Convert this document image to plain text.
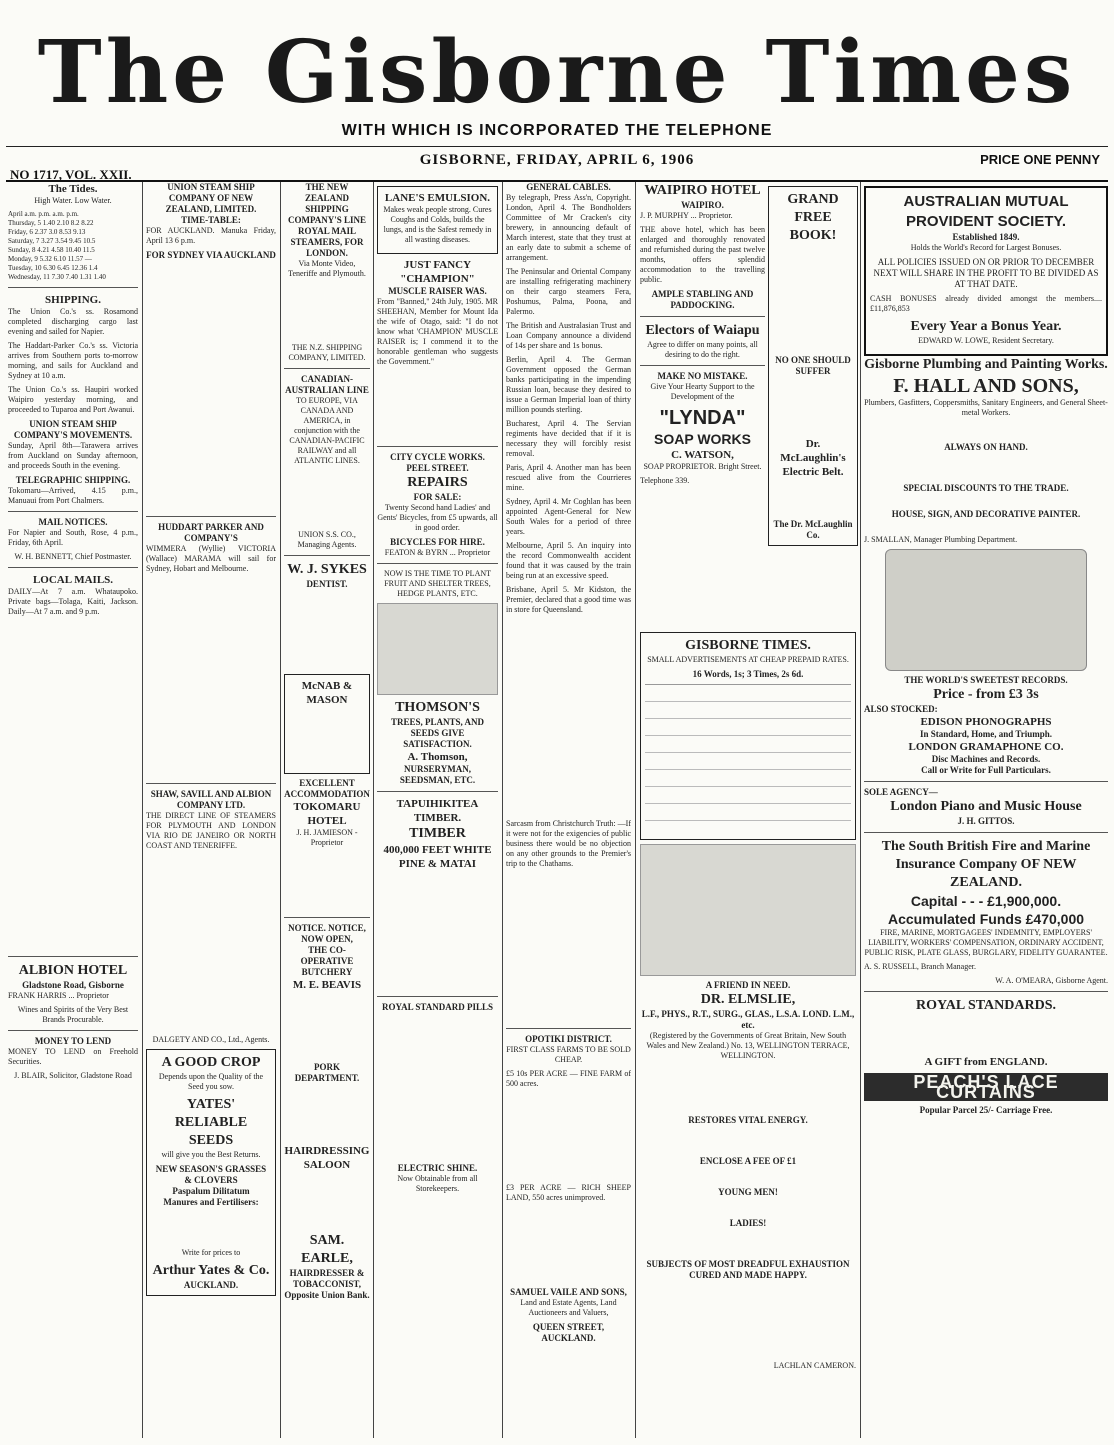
The Gisborne Times
WITH WHICH IS INCORPORATED THE TELEPHONE
GISBORNE, FRIDAY, APRIL 6, 1906	PRICE ONE PENNY
NO 1717, VOL. XXII.
The Tides.
High Water. Low Water.
April a.m. p.m. a.m. p.m.
Thursday, 5 1.40 2.10 8.2 8.22
Friday, 6 2.37 3.0 8.53 9.13
Saturday, 7 3.27 3.54 9.45 10.5
Sunday, 8 4.21 4.58 10.40 11.5
Monday, 9 5.32 6.10 11.57 —
Tuesday, 10 6.30 6.45 12.36 1.4
Wednesday, 11 7.30 7.40 1.31 1.40
SHIPPING.

The Union Co.'s ss. Rosamond completed discharging cargo last evening and sailed for Napier.

The Haddart-Parker Co.'s ss. Victoria arrives from Southern ports to-morrow morning, and sails for Auckland and Sydney at 10 a.m.

The Union Co.'s ss. Haupiri worked Waipiro yesterday morning, and proceeded to Tuparoa and Port Awanui.

UNION STEAM SHIP COMPANY'S MOVEMENTS.

Sunday, April 8th—Tarawera arrives from Auckland on Sunday afternoon, and proceeds South in the evening.

TELEGRAPHIC SHIPPING.

Tokomaru—Arrived, 4.15 p.m., Manuaui from Port Chalmers.

MAIL NOTICES.

For Napier and South, Rose, 4 p.m., Friday, 6th April.

W. H. BENNETT, Chief Postmaster.

LOCAL MAILS.

DAILY—At 7 a.m. Whataupoko. Private bags—Tolaga, Kaiti, Jackson. Daily—At 7 a.m. and 9 p.m.

ALBION HOTEL
Gladstone Road, Gisborne

FRANK HARRIS ... Proprietor

Wines and Spirits of the Very Best Brands Procurable.

MONEY TO LEND

MONEY TO LEND on Freehold Securities.

J. BLAIR, Solicitor, Gladstone Road

UNION STEAM SHIP COMPANY OF NEW ZEALAND, LIMITED.
TIME-TABLE:

FOR AUCKLAND. Manuka Friday, April 13 6 p.m.

FOR SYDNEY VIA AUCKLAND
HUDDART PARKER AND COMPANY'S

WIMMERA (Wyllie) VICTORIA (Wallace) MARAMA will sail for Sydney, Hobart and Melbourne.

SHAW, SAVILL AND ALBION COMPANY LTD.

THE DIRECT LINE OF STEAMERS FOR PLYMOUTH AND LONDON VIA RIO DE JANEIRO OR NORTH COAST AND TENERIFFE.

DALGETY AND CO., Ltd., Agents.

A GOOD CROP

Depends upon the Quality of the Seed you sow.

YATES' RELIABLE SEEDS

will give you the Best Returns.

NEW SEASON'S GRASSES & CLOVERS
Paspalum Dilitatum
Manures and Fertilisers:

Write for prices to

Arthur Yates & Co.
AUCKLAND.
THE NEW ZEALAND SHIPPING COMPANY'S LINE
ROYAL MAIL STEAMERS, FOR LONDON.

Via Monte Video, Teneriffe and Plymouth.

THE N.Z. SHIPPING COMPANY, LIMITED.

CANADIAN-AUSTRALIAN LINE

TO EUROPE, VIA CANADA AND AMERICA, in conjunction with the CANADIAN-PACIFIC RAILWAY and all ATLANTIC LINES.

UNION S.S. CO., Managing Agents.

W. J. SYKES
DENTIST.
McNAB & MASON
EXCELLENT ACCOMMODATION
TOKOMARU HOTEL

J. H. JAMIESON - Proprietor

NOTICE. NOTICE,
NOW OPEN,
THE CO-OPERATIVE BUTCHERY
M. E. BEAVIS
PORK DEPARTMENT.
HAIRDRESSING SALOON
SAM. EARLE,
HAIRDRESSER & TOBACCONIST, Opposite Union Bank.
LANE'S EMULSION.

Makes weak people strong. Cures Coughs and Colds, builds the lungs, and is the Safest remedy in all wasting diseases.

JUST FANCY
"CHAMPION"
MUSCLE RAISER WAS.

From "Banned," 24th July, 1905. MR SHEEHAN, Member for Mount Ida the wife of Otago, said: "I do not know what 'CHAMPION' MUSCLE RAISER is; I commend it to the honorable gentleman who suggests the Government."

CITY CYCLE WORKS.
PEEL STREET.
REPAIRS
FOR SALE:

Twenty Second hand Ladies' and Gents' Bicycles, from £5 upwards, all in good order.

BICYCLES FOR HIRE.

FEATON & BYRN ... Proprietor

NOW IS THE TIME TO PLANT FRUIT AND SHELTER TREES, HEDGE PLANTS, ETC.

THOMSON'S
TREES, PLANTS, AND SEEDS GIVE SATISFACTION.
A. Thomson,
NURSERYMAN, SEEDSMAN, ETC.
TAPUIHIKITEA TIMBER.
TIMBER
400,000 FEET WHITE PINE & MATAI
ROYAL STANDARD PILLS
ELECTRIC SHINE.

Now Obtainable from all Storekeepers.

GENERAL CABLES.

By telegraph, Press Ass'n, Copyright. London, April 4. The Bondholders Committee of Mr Cracken's city brewery, in announcing default of March interest, state that they trust at an early date to submit a scheme of arrangement.

The Peninsular and Oriental Company are installing refrigerating machinery on their cargo steamers Fera, Poshumus, Palma, Poona, and Palermo.

The British and Australasian Trust and Loan Company announce a dividend of 14s per share and 1s bonus.

Berlin, April 4. The German Government opposed the German banks participating in the impending Russian loan, because they desired to issue a German Imperial loan of thirty million pounds sterling.

Bucharest, April 4. The Servian regiments have decided that if it is necessary they will forcibly resist removal.

Paris, April 4. Another man has been rescued alive from the Courrieres mine.

Sydney, April 4. Mr Coghlan has been appointed Agent-General for New South Wales for a period of three years.

Melbourne, April 5. An inquiry into the record Commonwealth accident found that it was caused by the train being run at an excessive speed.

Brisbane, April 5. Mr Kidston, the Premier, declared that a good time was in store for Queensland.

Sarcasm from Christchurch Truth: —If it were not for the exigencies of public business there would be no objection on any other grounds to the Premier's trip to the Chathams.

OPOTIKI DISTRICT.

FIRST CLASS FARMS TO BE SOLD CHEAP.

£5 10s PER ACRE — FINE FARM of 500 acres.

£3 PER ACRE — RICH SHEEP LAND, 550 acres unimproved.

SAMUEL VAILE AND SONS,

Land and Estate Agents, Land Auctioneers and Valuers,

QUEEN STREET, AUCKLAND.
WAIPIRO HOTEL
WAIPIRO.

J. P. MURPHY ... Proprietor.

THE above hotel, which has been enlarged and thoroughly renovated and refurnished during the past twelve months, offers splendid accommodation to the travelling public.

AMPLE STABLING AND PADDOCKING.
Electors of Waiapu

Agree to differ on many points, all desiring to do the right.

MAKE NO MISTAKE.

Give Your Hearty Support to the Development of the

"LYNDA"
SOAP WORKS
C. WATSON,

SOAP PROPRIETOR. Bright Street.

Telephone 339.

GRAND FREE BOOK!
NO ONE SHOULD SUFFER
Dr. McLaughlin's Electric Belt.
The Dr. McLaughlin Co.
GISBORNE TIMES.

SMALL ADVERTISEMENTS AT CHEAP PREPAID RATES.

16 Words, 1s; 3 Times, 2s 6d.
A FRIEND IN NEED.
DR. ELMSLIE,
L.F., PHYS., R.T., SURG., GLAS., L.S.A. LOND. L.M., etc.

(Registered by the Governments of Great Britain, New South Wales and New Zealand.) No. 13, WELLINGTON TERRACE, WELLINGTON.

RESTORES VITAL ENERGY.
ENCLOSE A FEE OF £1
YOUNG MEN!
LADIES!
SUBJECTS OF MOST DREADFUL EXHAUSTION CURED AND MADE HAPPY.

LACHLAN CAMERON.

AUSTRALIAN MUTUAL PROVIDENT SOCIETY.
Established 1849.

Holds the World's Record for Largest Bonuses.

ALL POLICIES ISSUED ON OR PRIOR TO DECEMBER NEXT WILL SHARE IN THE PROFIT TO BE DIVIDED AS AT THAT DATE.

CASH BONUSES already divided amongst the members.... £11,876,853

Every Year a Bonus Year.

EDWARD W. LOWE, Resident Secretary.

Gisborne Plumbing and Painting Works.
F. HALL AND SONS,

Plumbers, Gasfitters, Coppersmiths, Sanitary Engineers, and General Sheet-metal Workers.

ALWAYS ON HAND.
SPECIAL DISCOUNTS TO THE TRADE.
HOUSE, SIGN, AND DECORATIVE PAINTER.

J. SMALLAN, Manager Plumbing Department.

THE WORLD'S SWEETEST RECORDS.
Price - from £3 3s
ALSO STOCKED:
EDISON PHONOGRAPHS
In Standard, Home, and Triumph.
LONDON GRAMAPHONE CO.
Disc Machines and Records.
Call or Write for Full Particulars.
SOLE AGENCY—
London Piano and Music House
J. H. GITTOS.
The South British Fire and Marine Insurance Company OF NEW ZEALAND.
Capital - - - £1,900,000.
Accumulated Funds £470,000

FIRE, MARINE, MORTGAGEES' INDEMNITY, EMPLOYERS' LIABILITY, WORKERS' COMPENSATION, ORDINARY ACCIDENT, PUBLIC RISK, PLATE GLASS, BURGLARY, FIDELITY GUARANTEE.

A. S. RUSSELL, Branch Manager.

W. A. O'MEARA, Gisborne Agent.

ROYAL STANDARDS.
A GIFT from ENGLAND.
PEACH'S LACE CURTAINS
Popular Parcel 25/- Carriage Free.
